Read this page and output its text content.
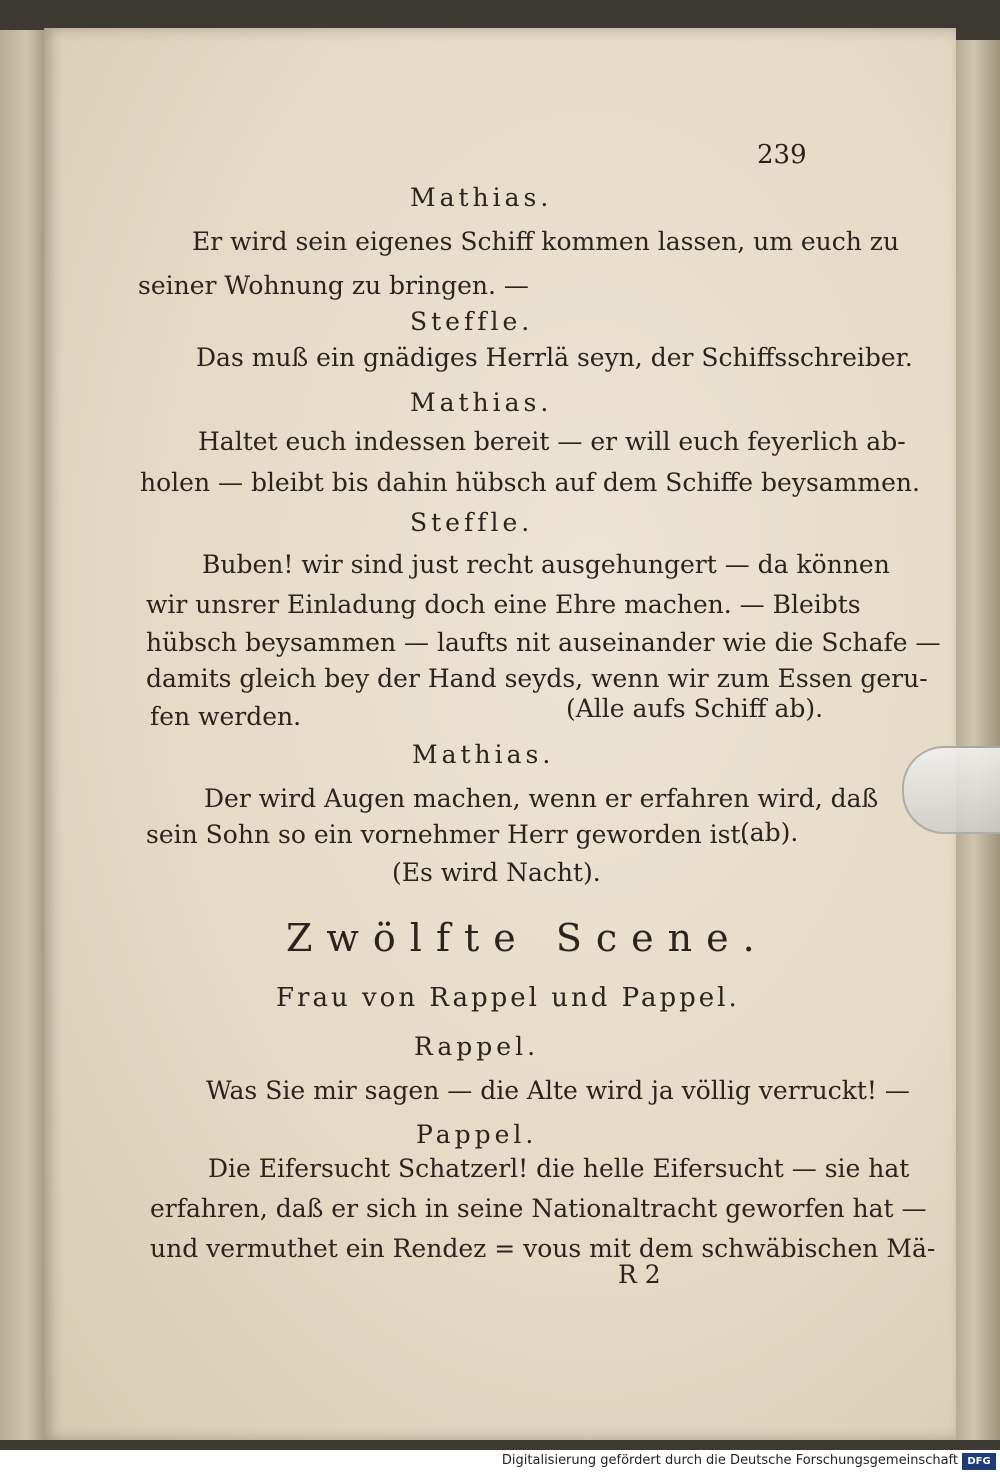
239

Mathias.

Er wird sein eigenes Schiff kommen lassen, um euch zu

seiner Wohnung zu bringen. —

Steffle.

Das muß ein gnädiges Herrlä seyn, der Schiffsschreiber.

Mathias.

Haltet euch indessen bereit — er will euch feyerlich ab-

holen — bleibt bis dahin hübsch auf dem Schiffe beysammen.

Steffle.

Buben! wir sind just recht ausgehungert — da können

wir unsrer Einladung doch eine Ehre machen. — Bleibts

hübsch beysammen — laufts nit auseinander wie die Schafe —

damits gleich bey der Hand seyds, wenn wir zum Essen geru-

fen werden.	(Alle aufs Schiff ab).

Mathias.

Der wird Augen machen, wenn er erfahren wird, daß

sein Sohn so ein vornehmer Herr geworden ist.

(ab).

(Es wird Nacht).

Zwölfte Scene.

Frau von Rappel und Pappel.

Rappel.

Was Sie mir sagen — die Alte wird ja völlig verruckt! —

Pappel.

Die Eifersucht Schatzerl! die helle Eifersucht — sie hat

erfahren, daß er sich in seine Nationaltracht geworfen hat —

und vermuthet ein Rendez = vous mit dem schwäbischen Mä-

R 2
Digitalisierung gefördert durch die Deutsche Forschungsgemeinschaft DFG
